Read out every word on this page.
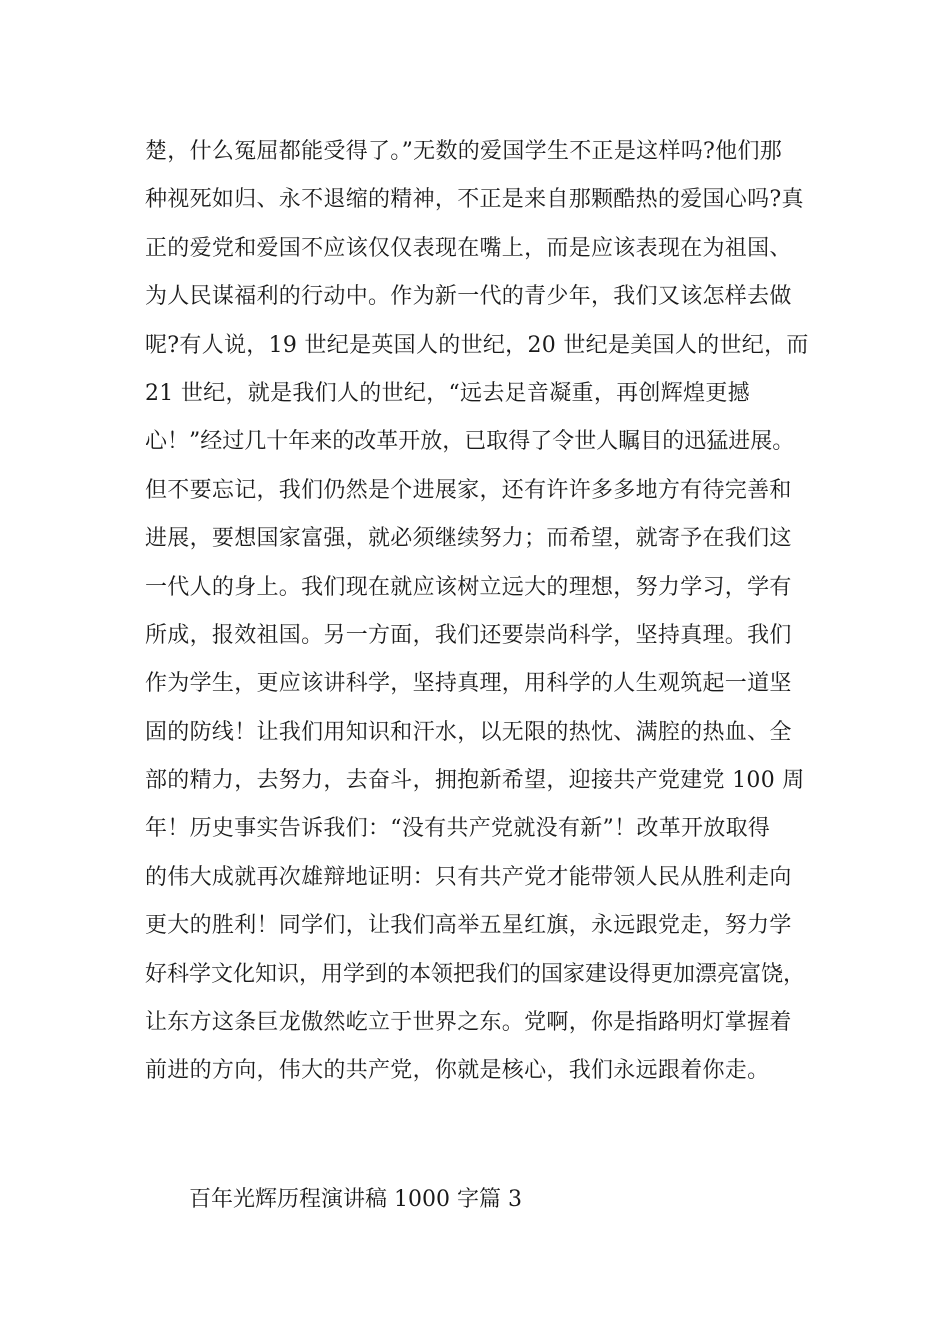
楚，什么冤屈都能受得了。”无数的爱国学生不正是这样吗?他们那
种视死如归、永不退缩的精神，不正是来自那颗酷热的爱国心吗?真
正的爱党和爱国不应该仅仅表现在嘴上，而是应该表现在为祖国、
为人民谋福利的行动中。作为新一代的青少年，我们又该怎样去做
呢?有人说，19 世纪是英国人的世纪，20 世纪是美国人的世纪，而
21 世纪，就是我们人的世纪，“远去足音凝重，再创辉煌更撼
心！”经过几十年来的改革开放，已取得了令世人瞩目的迅猛进展。
但不要忘记，我们仍然是个进展家，还有许许多多地方有待完善和
进展，要想国家富强，就必须继续努力；而希望，就寄予在我们这
一代人的身上。我们现在就应该树立远大的理想，努力学习，学有
所成，报效祖国。另一方面，我们还要崇尚科学，坚持真理。我们
作为学生，更应该讲科学，坚持真理，用科学的人生观筑起一道坚
固的防线！让我们用知识和汗水，以无限的热忱、满腔的热血、全
部的精力，去努力，去奋斗，拥抱新希望，迎接共产党建党 100 周
年！历史事实告诉我们：“没有共产党就没有新”！改革开放取得
的伟大成就再次雄辩地证明：只有共产党才能带领人民从胜利走向
更大的胜利！同学们，让我们高举五星红旗，永远跟党走，努力学
好科学文化知识，用学到的本领把我们的国家建设得更加漂亮富饶，
让东方这条巨龙傲然屹立于世界之东。党啊，你是指路明灯掌握着
前进的方向，伟大的共产党，你就是核心，我们永远跟着你走。
百年光辉历程演讲稿 1000 字篇 3
